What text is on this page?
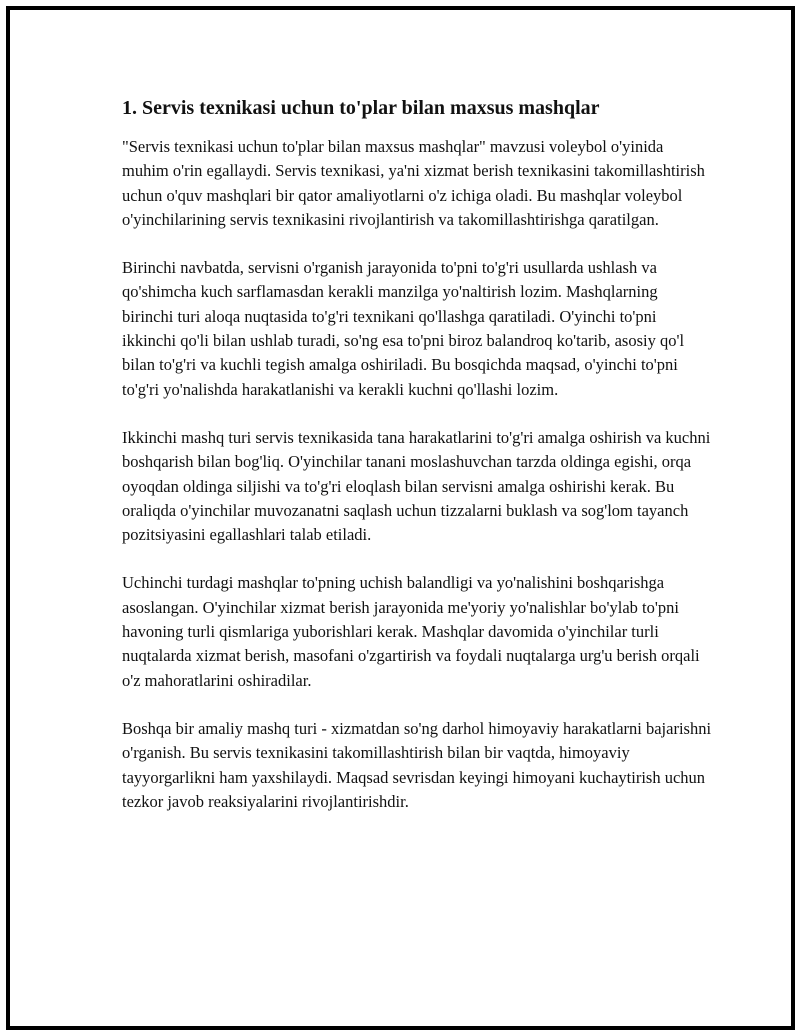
1. Servis texnikasi uchun to'plar bilan maxsus mashqlar

"Servis texnikasi uchun to'plar bilan maxsus mashqlar" mavzusi voleybol o'yinida muhim o'rin egallaydi. Servis texnikasi, ya'ni xizmat berish texnikasini takomillashtirish uchun o'quv mashqlari bir qator amaliyotlarni o'z ichiga oladi. Bu mashqlar voleybol o'yinchilarining servis texnikasini rivojlantirish va takomillashtirishga qaratilgan.

Birinchi navbatda, servisni o'rganish jarayonida to'pni to'g'ri usullarda ushlash va qo'shimcha kuch sarflamasdan kerakli manzilga yo'naltirish lozim. Mashqlarning birinchi turi aloqa nuqtasida to'g'ri texnikani qo'llashga qaratiladi. O'yinchi to'pni ikkinchi qo'li bilan ushlab turadi, so'ng esa to'pni biroz balandroq ko'tarib, asosiy qo'l bilan to'g'ri va kuchli tegish amalga oshiriladi. Bu bosqichda maqsad, o'yinchi to'pni to'g'ri yo'nalishda harakatlanishi va kerakli kuchni qo'llashi lozim.

Ikkinchi mashq turi servis texnikasida tana harakatlarini to'g'ri amalga oshirish va kuchni boshqarish bilan bog'liq. O'yinchilar tanani moslashuvchan tarzda oldinga egishi, orqa oyoqdan oldinga siljishi va to'g'ri eloqlash bilan servisni amalga oshirishi kerak. Bu oraliqda o'yinchilar muvozanatni saqlash uchun tizzalarni buklash va sog'lom tayanch pozitsiyasini egallashlari talab etiladi.

Uchinchi turdagi mashqlar to'pning uchish balandligi va yo'nalishini boshqarishga asoslangan. O'yinchilar xizmat berish jarayonida me'yoriy yo'nalishlar bo'ylab to'pni havoning turli qismlariga yuborishlari kerak. Mashqlar davomida o'yinchilar turli nuqtalarda xizmat berish, masofani o'zgartirish va foydali nuqtalarga urg'u berish orqali o'z mahoratlarini oshiradilar.

Boshqa bir amaliy mashq turi - xizmatdan so'ng darhol himoyaviy harakatlarni bajarishni o'rganish. Bu servis texnikasini takomillashtirish bilan bir vaqtda, himoyaviy tayyorgarlikni ham yaxshilaydi. Maqsad sevrisdan keyingi himoyani kuchaytirish uchun tezkor javob reaksiyalarini rivojlantirishdir.
